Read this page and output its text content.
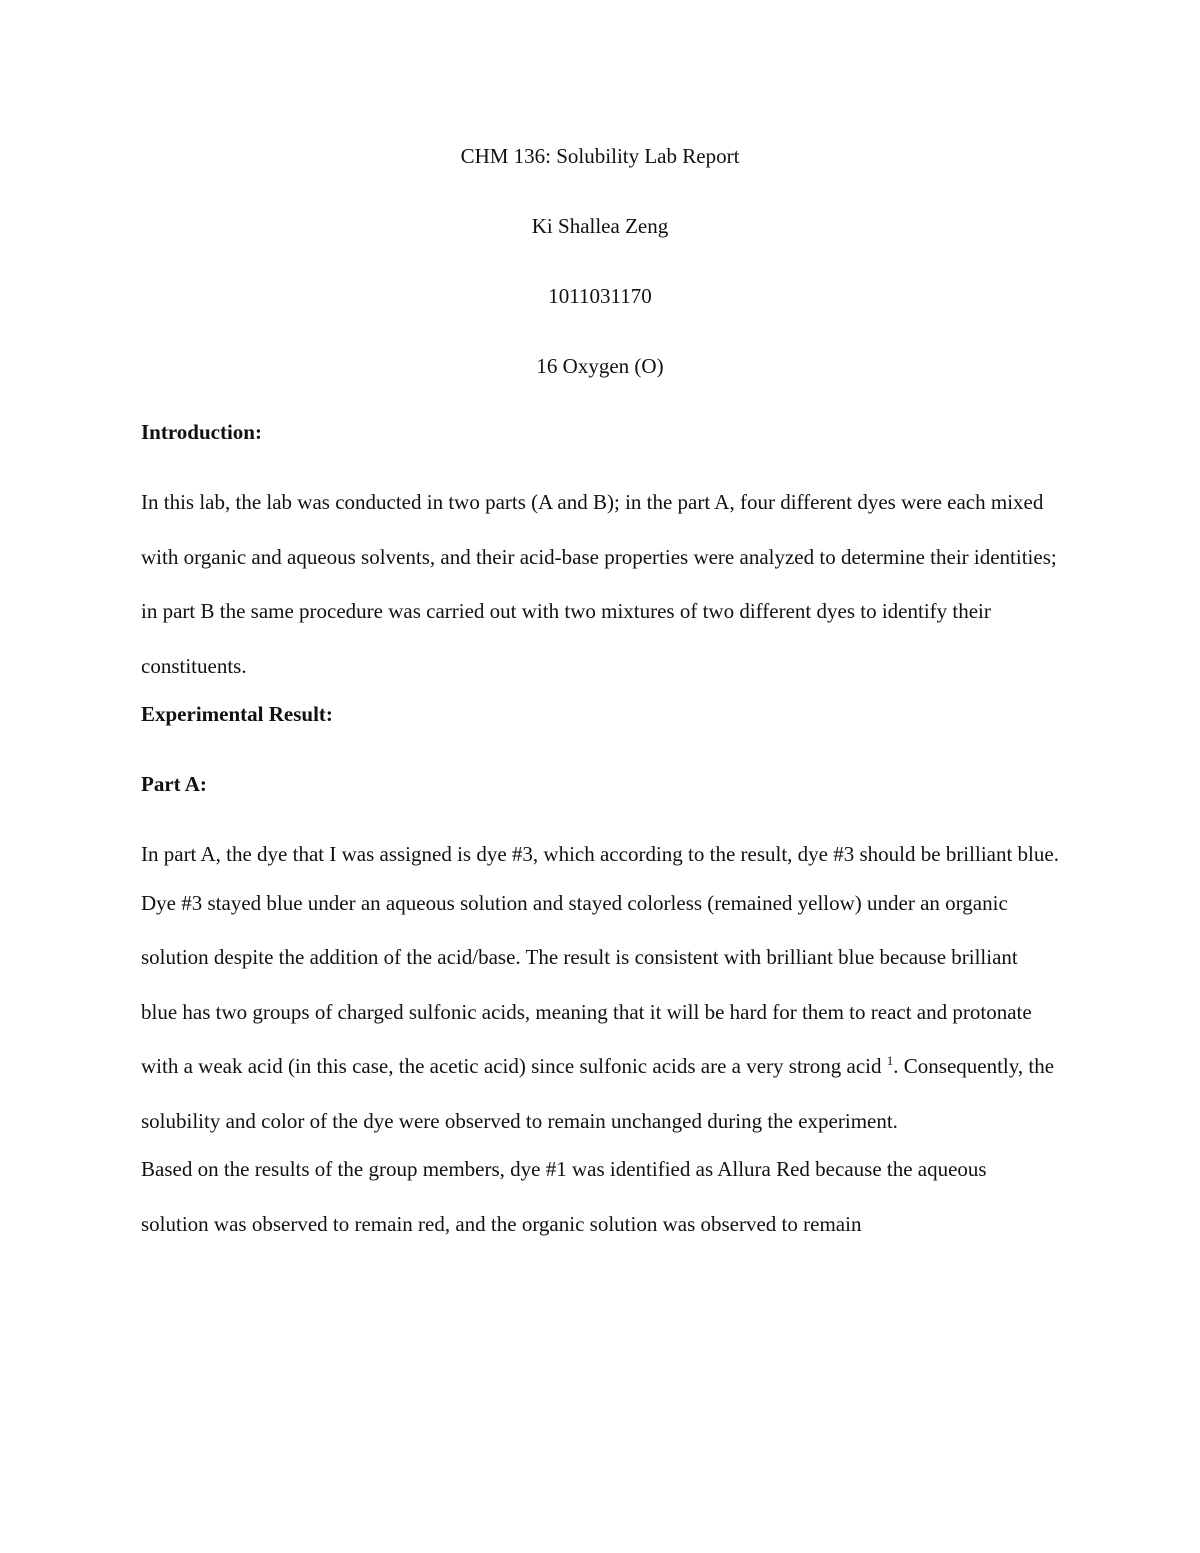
CHM 136: Solubility Lab Report
Ki Shallea Zeng
1011031170
16 Oxygen (O)
Introduction:

In this lab, the lab was conducted in two parts (A and B); in the part A, four different dyes were each mixed with organic and aqueous solvents, and their acid-base properties were analyzed to determine their identities; in part B the same procedure was carried out with two mixtures of two different dyes to identify their constituents.

Experimental Result:
Part A:

In part A, the dye that I was assigned is dye #3, which according to the result, dye #3 should be brilliant blue.

Dye #3 stayed blue under an aqueous solution and stayed colorless (remained yellow) under an organic solution despite the addition of the acid/base. The result is consistent with brilliant blue because brilliant blue has two groups of charged sulfonic acids, meaning that it will be hard for them to react and protonate with a weak acid (in this case, the acetic acid) since sulfonic acids are a very strong acid $^1$. Consequently, the solubility and color of the dye were observed to remain unchanged during the experiment.

Based on the results of the group members, dye #1 was identified as Allura Red because the aqueous solution was observed to remain red, and the organic solution was observed to remain
